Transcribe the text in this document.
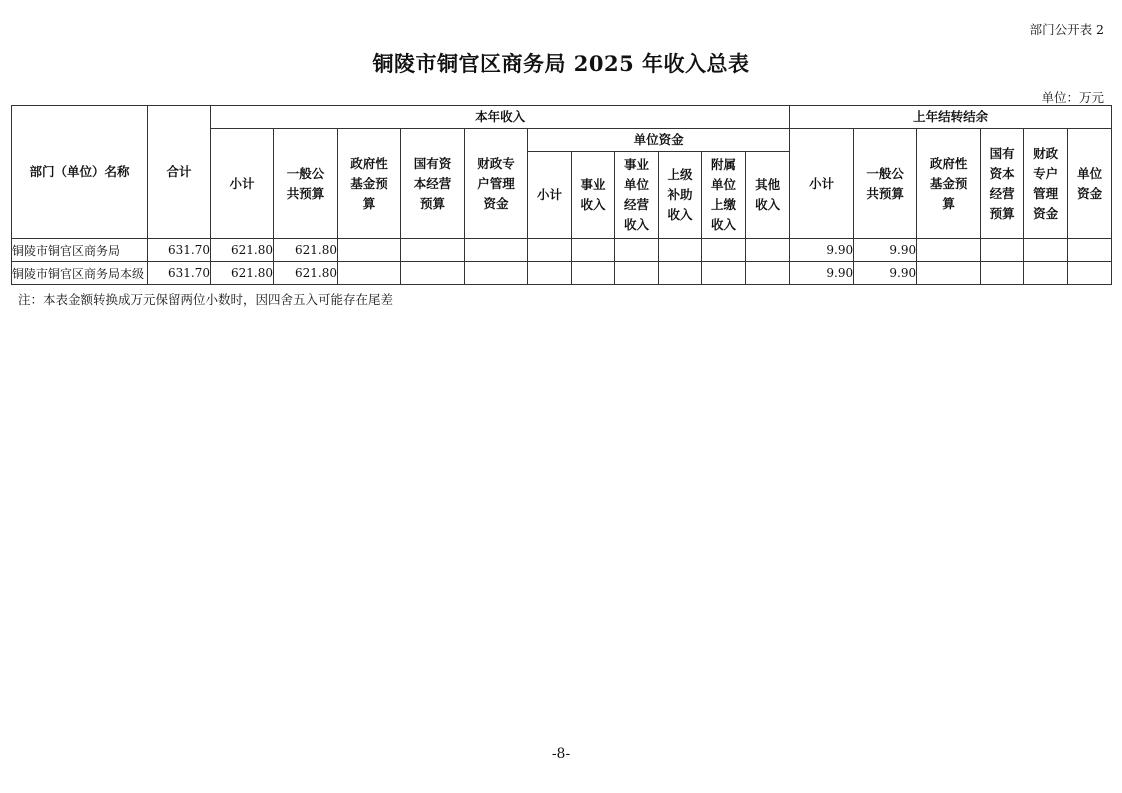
部门公开表 2
铜陵市铜官区商务局 2025 年收入总表
单位：万元
部门（单位）名称	合计	本年收入											上年结转结余					
		小计	一般公共预算	政府性基金预算	国有资本经营预算	财政专户管理资金	单位资金						小计	一般公共预算	政府性基金预算	国有资本经营预算	财政专户管理资金	单位资金
							小计	事业收入	事业单位经营收入	上级补助收入	附属单位上缴收入	其他收入						
铜陵市铜官区商务局	631.70	621.80	621.80										9.90	9.90				
铜陵市铜官区商务局本级	631.70	621.80	621.80										9.90	9.90				
注：本表金额转换成万元保留两位小数时，因四舍五入可能存在尾差
-8-
